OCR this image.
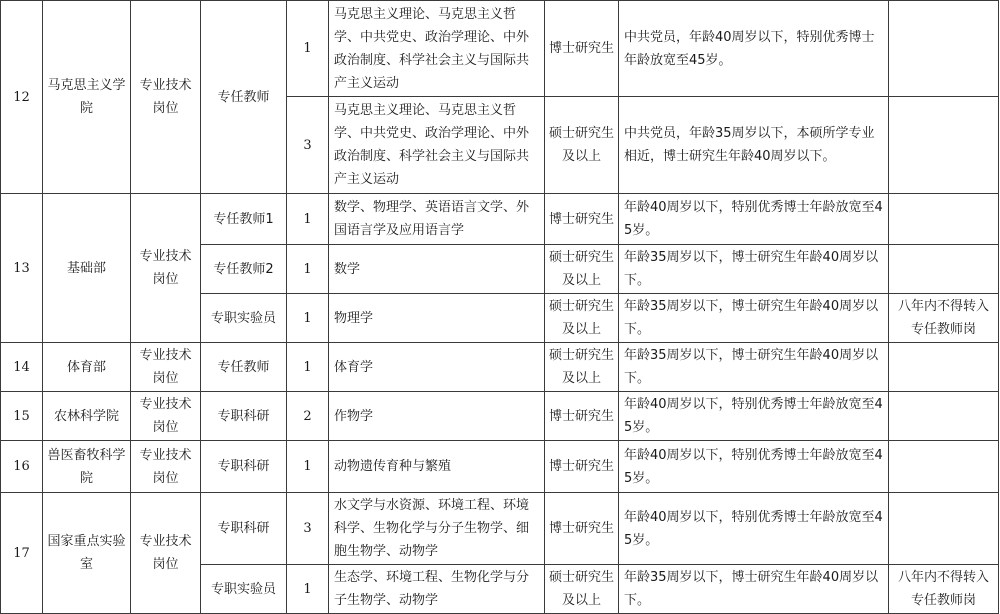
12	马克思主义学院	专业技术岗位	专任教师	1	马克思主义理论、马克思主义哲学、中共党史、政治学理论、中外政治制度、科学社会主义与国际共产主义运动	博士研究生	中共党员，年龄40周岁以下，特别优秀博士年龄放宽至45岁。	
				3	马克思主义理论、马克思主义哲学、中共党史、政治学理论、中外政治制度、科学社会主义与国际共产主义运动	硕士研究生及以上	中共党员，年龄35周岁以下，本硕所学专业相近，博士研究生年龄40周岁以下。	
13	基础部	专业技术岗位	专任教师1	1	数学、物理学、英语语言文学、外国语言学及应用语言学	博士研究生	年龄40周岁以下，特别优秀博士年龄放宽至45岁。	
			专任教师2	1	数学	硕士研究生及以上	年龄35周岁以下，博士研究生年龄40周岁以下。	
			专职实验员	1	物理学	硕士研究生及以上	年龄35周岁以下，博士研究生年龄40周岁以下。	八年内不得转入专任教师岗
14	体育部	专业技术岗位	专任教师	1	体育学	硕士研究生及以上	年龄35周岁以下，博士研究生年龄40周岁以下。	
15	农林科学院	专业技术岗位	专职科研	2	作物学	博士研究生	年龄40周岁以下，特别优秀博士年龄放宽至45岁。	
16	兽医畜牧科学院	专业技术岗位	专职科研	1	动物遗传育种与繁殖	博士研究生	年龄40周岁以下，特别优秀博士年龄放宽至45岁。	
17	国家重点实验室	专业技术岗位	专职科研	3	水文学与水资源、环境工程、环境科学、生物化学与分子生物学、细胞生物学、动物学	博士研究生	年龄40周岁以下，特别优秀博士年龄放宽至45岁。	
			专职实验员	1	生态学、环境工程、生物化学与分子生物学、动物学	硕士研究生及以上	年龄35周岁以下，博士研究生年龄40周岁以下。	八年内不得转入专任教师岗
